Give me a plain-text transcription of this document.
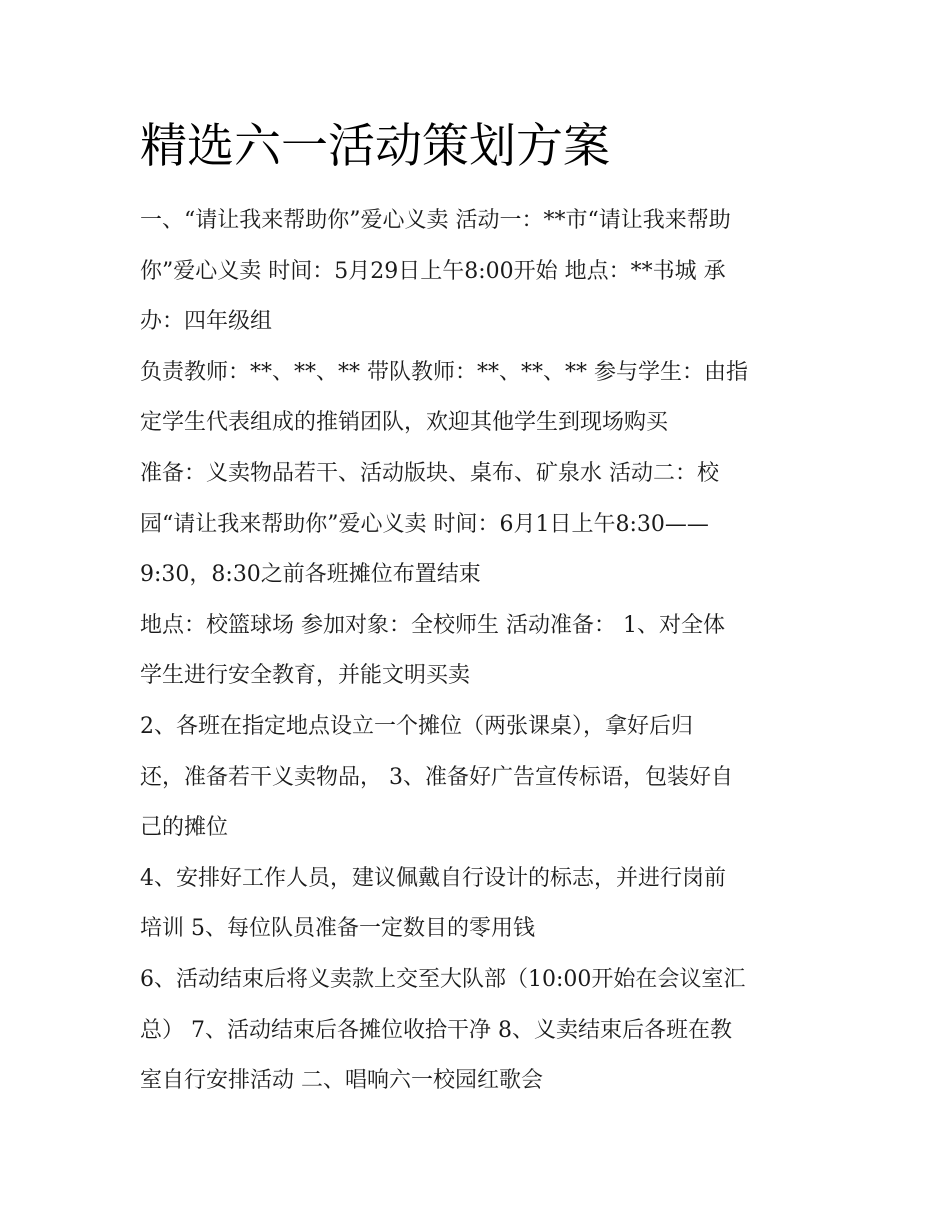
精选六一活动策划方案

一、“请让我来帮助你”爱心义卖 活动一：**市“请让我来帮助

你”爱心义卖 时间：5月29日上午8:00开始 地点：**书城 承

办：四年级组

负责教师：**、**、** 带队教师：**、**、** 参与学生：由指

定学生代表组成的推销团队，欢迎其他学生到现场购买

准备：义卖物品若干、活动版块、桌布、矿泉水 活动二：校

园“请让我来帮助你”爱心义卖 时间：6月1日上午8:30——

9:30，8:30之前各班摊位布置结束

地点：校篮球场 参加对象：全校师生 活动准备： 1、对全体

学生进行安全教育，并能文明买卖

2、各班在指定地点设立一个摊位（两张课桌），拿好后归

还，准备若干义卖物品， 3、准备好广告宣传标语，包装好自

己的摊位

4、安排好工作人员，建议佩戴自行设计的标志，并进行岗前

培训 5、每位队员准备一定数目的零用钱

6、活动结束后将义卖款上交至大队部（10:00开始在会议室汇

总） 7、活动结束后各摊位收拾干净 8、义卖结束后各班在教

室自行安排活动 二、唱响六一校园红歌会
